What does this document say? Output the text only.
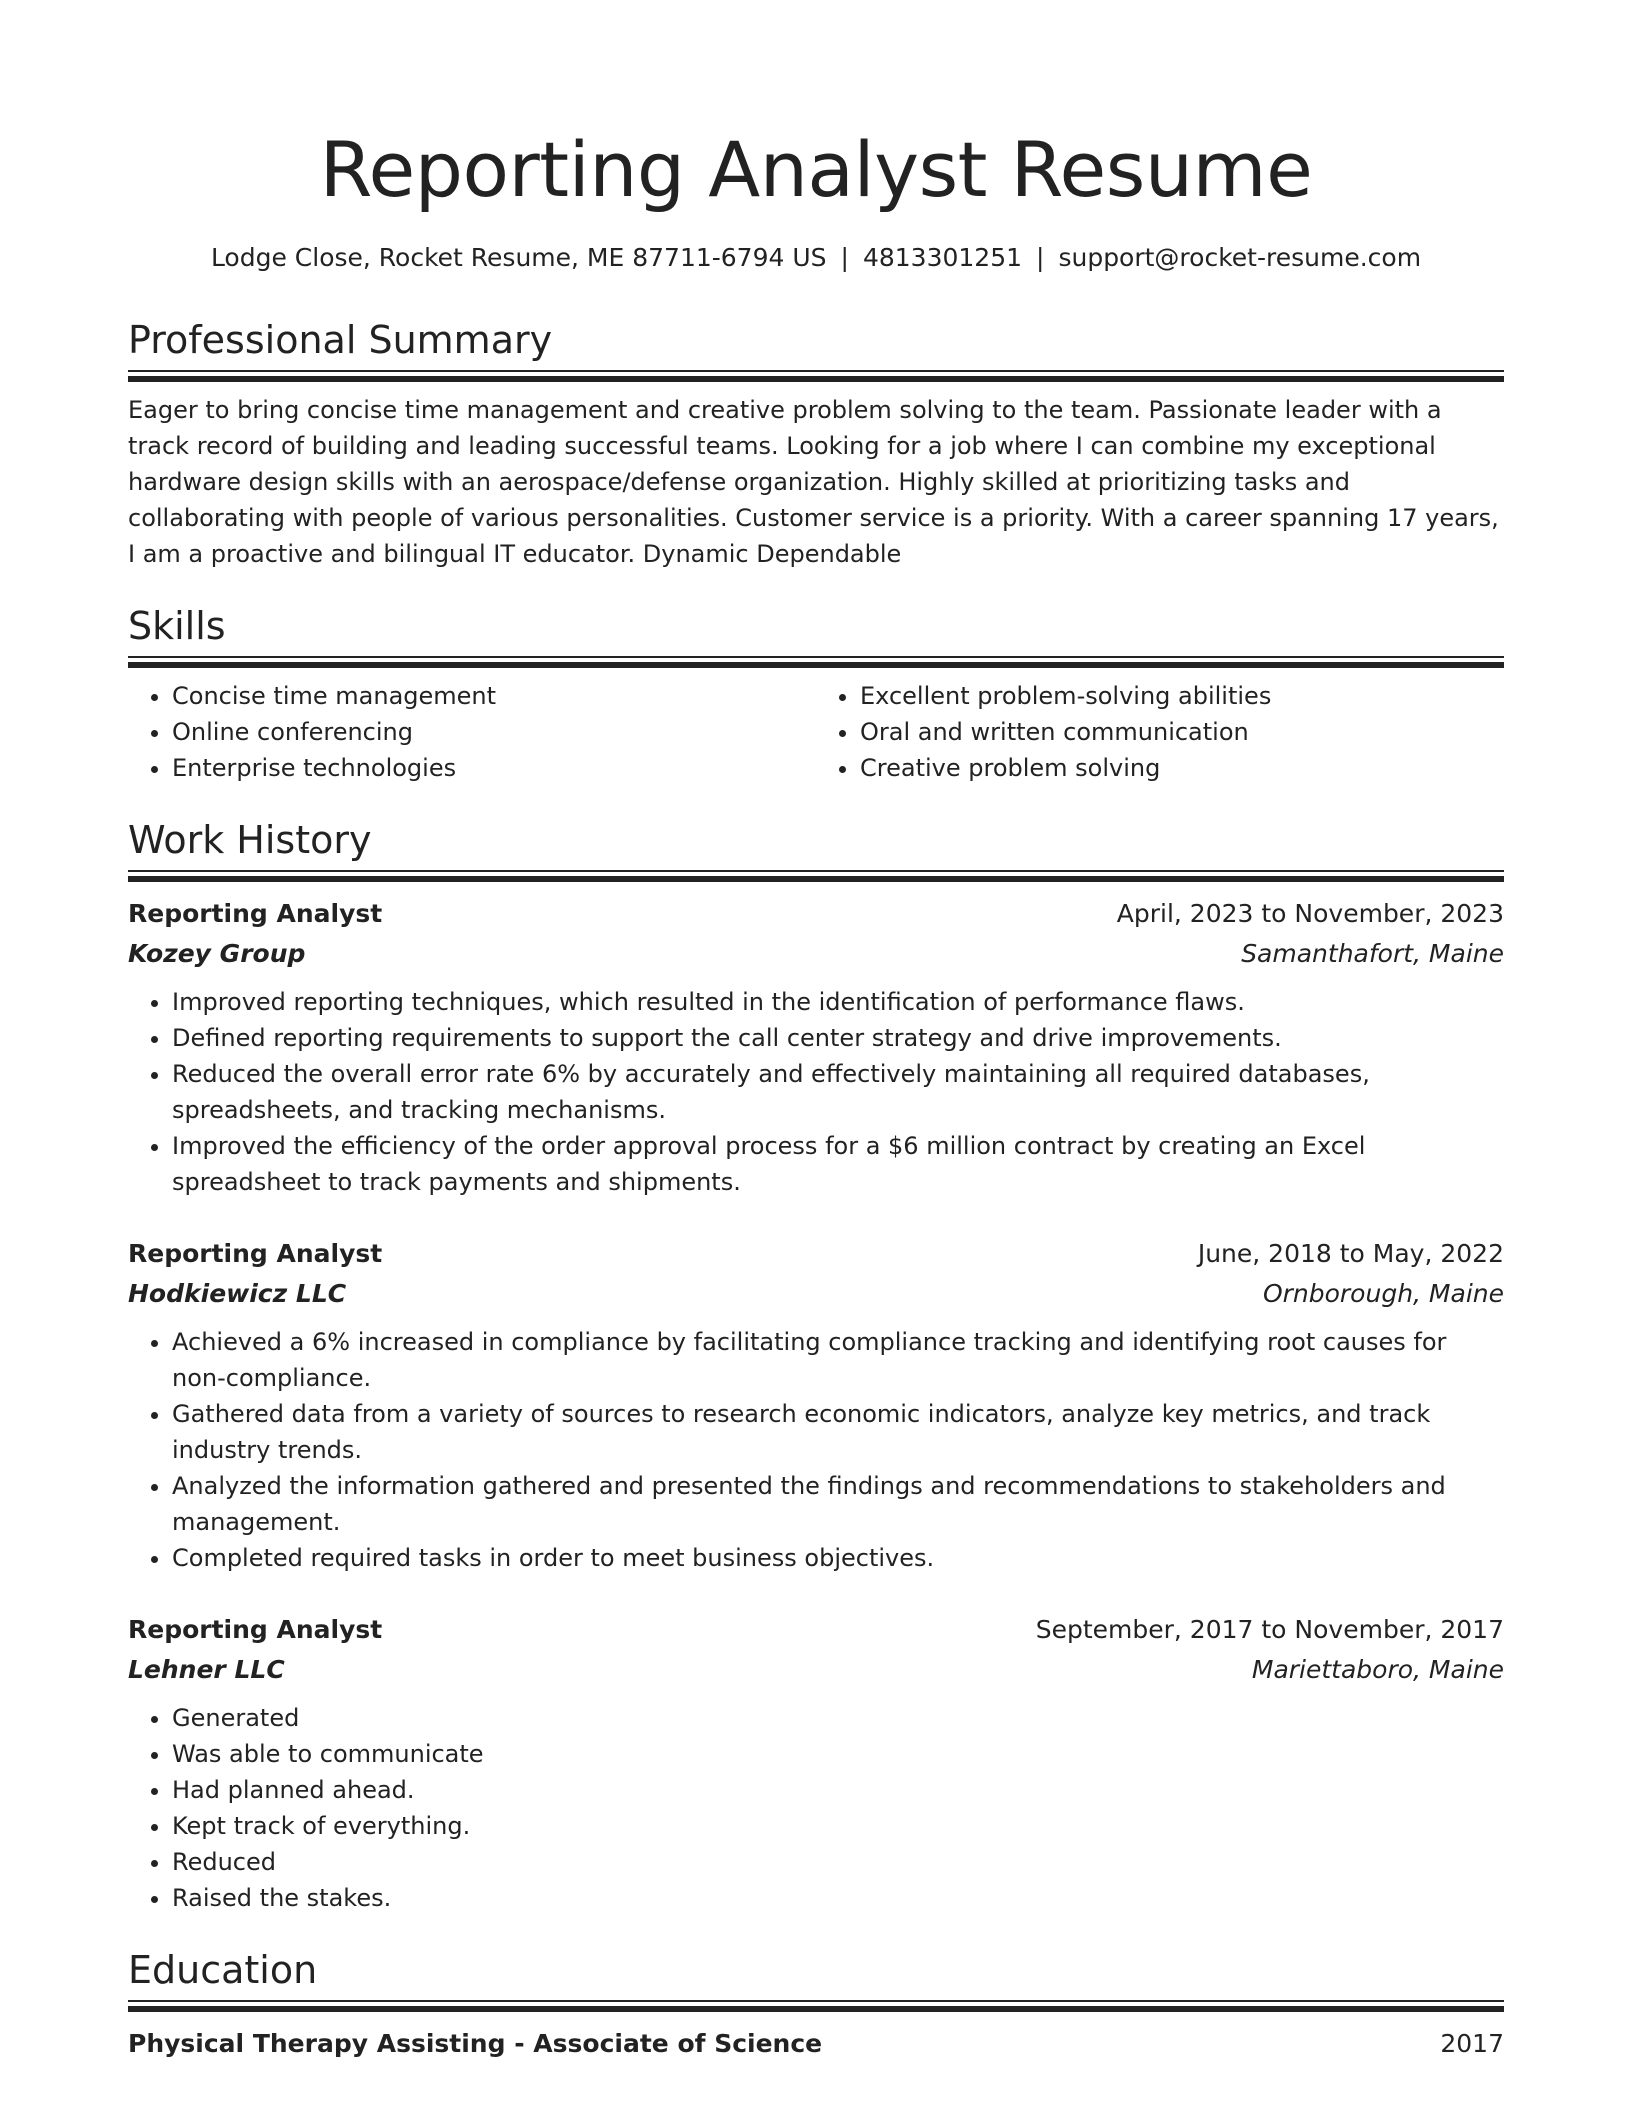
Reporting Analyst Resume
Lodge Close, Rocket Resume, ME 87711-6794 US | 4813301251 | support@rocket-resume.com
Professional Summary

Eager to bring concise time management and creative problem solving to the team. Passionate leader with a track record of building and leading successful teams. Looking for a job where I can combine my exceptional hardware design skills with an aerospace/defense organization. Highly skilled at prioritizing tasks and collaborating with people of various personalities. Customer service is a priority. With a career spanning 17 years, I am a proactive and bilingual IT educator. Dynamic Dependable

Skills
• Concise time management
• Online conferencing
• Enterprise technologies
• Excellent problem-solving abilities
• Oral and written communication
• Creative problem solving
Work History
Reporting Analyst	April, 2023 to November, 2023
Kozey Group	Samanthafort, Maine
• Improved reporting techniques, which resulted in the identification of performance flaws.
• Defined reporting requirements to support the call center strategy and drive improvements.
• Reduced the overall error rate 6% by accurately and effectively maintaining all required databases, spreadsheets, and tracking mechanisms.
• Improved the efficiency of the order approval process for a $6 million contract by creating an Excel spreadsheet to track payments and shipments.
Reporting Analyst	June, 2018 to May, 2022
Hodkiewicz LLC	Ornborough, Maine
• Achieved a 6% increased in compliance by facilitating compliance tracking and identifying root causes for non-compliance.
• Gathered data from a variety of sources to research economic indicators, analyze key metrics, and track industry trends.
• Analyzed the information gathered and presented the findings and recommendations to stakeholders and management.
• Completed required tasks in order to meet business objectives.
Reporting Analyst	September, 2017 to November, 2017
Lehner LLC	Mariettaboro, Maine
• Generated
• Was able to communicate
• Had planned ahead.
• Kept track of everything.
• Reduced
• Raised the stakes.
Education
Physical Therapy Assisting - Associate of Science	2017
